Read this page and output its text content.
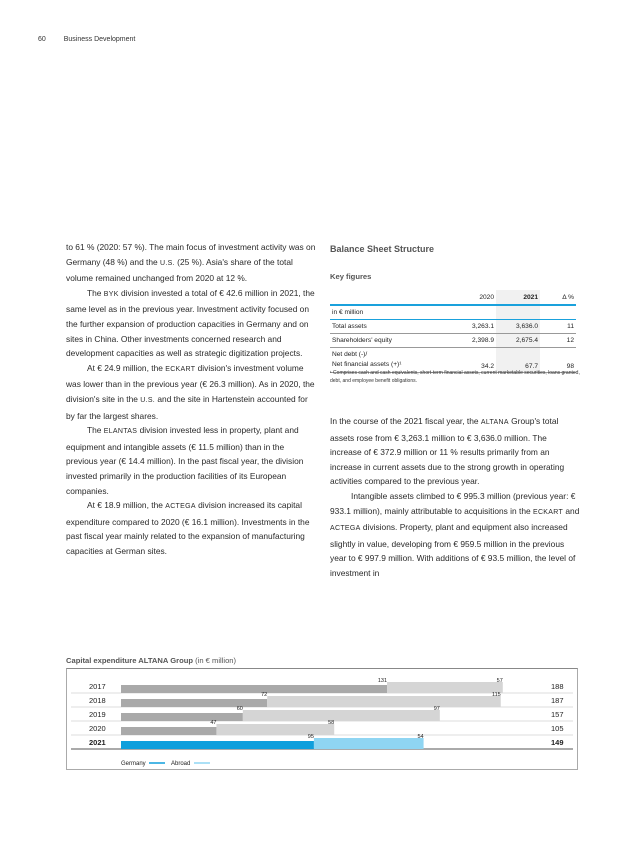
60	Business Development

to 61 % (2020: 57 %). The main focus of investment activity was on Germany (48 %) and the U.S. (25 %). Asia's share of the total volume remained unchanged from 2020 at 12 %.

The BYK division invested a total of € 42.6 million in 2021, the same level as in the previous year. Investment activity focused on the further expansion of production capacities in Germany and on sites in China. Other investments concerned research and development capacities as well as strategic digitization projects.

At € 24.9 million, the ECKART division's investment volume was lower than in the previous year (€ 26.3 million). As in 2020, the division's site in the U.S. and the site in Hartenstein accounted for by far the largest shares.

The ELANTAS division invested less in property, plant and equipment and intangible assets (€ 11.5 million) than in the previous year (€ 14.4 million). In the past fiscal year, the division invested primarily in the production facilities of its European companies.

At € 18.9 million, the ACTEGA division increased its capital expenditure compared to 2020 (€ 16.1 million). Investments in the past fiscal year mainly related to the expansion of manufacturing capacities at German sites.

Balance Sheet Structure
Key figures
	2020	2021	Δ %
in € million			
Total assets	3,263.1	3,636.0	11
Shareholders' equity	2,398.9	2,675.4	12
Net debt (-)/
Net financial assets (+)¹	34.2	67.7	98
¹ Comprises cash and cash equivalents, short-term financial assets, current marketable securities, loans granted, debt, and employee benefit obligations.

In the course of the 2021 fiscal year, the ALTANA Group's total assets rose from € 3,263.1 million to € 3,636.0 million. The increase of € 372.9 million or 11 % results primarily from an increase in current assets due to the strong growth in operating activities compared to the previous year.

Intangible assets climbed to € 995.3 million (previous year: € 933.1 million), mainly attributable to acquisitions in the ECKART and ACTEGA divisions. Property, plant and equipment also increased slightly in value, developing from € 959.5 million in the previous year to € 997.9 million. With additions of € 93.5 million, the level of investment in

Capital expenditure ALTANA Group (in € million)
2017
131	57
188
2018
72	115
187
2019
60	97
157
2020
47	58
105
2021
95	54
149
Germany	Abroad
